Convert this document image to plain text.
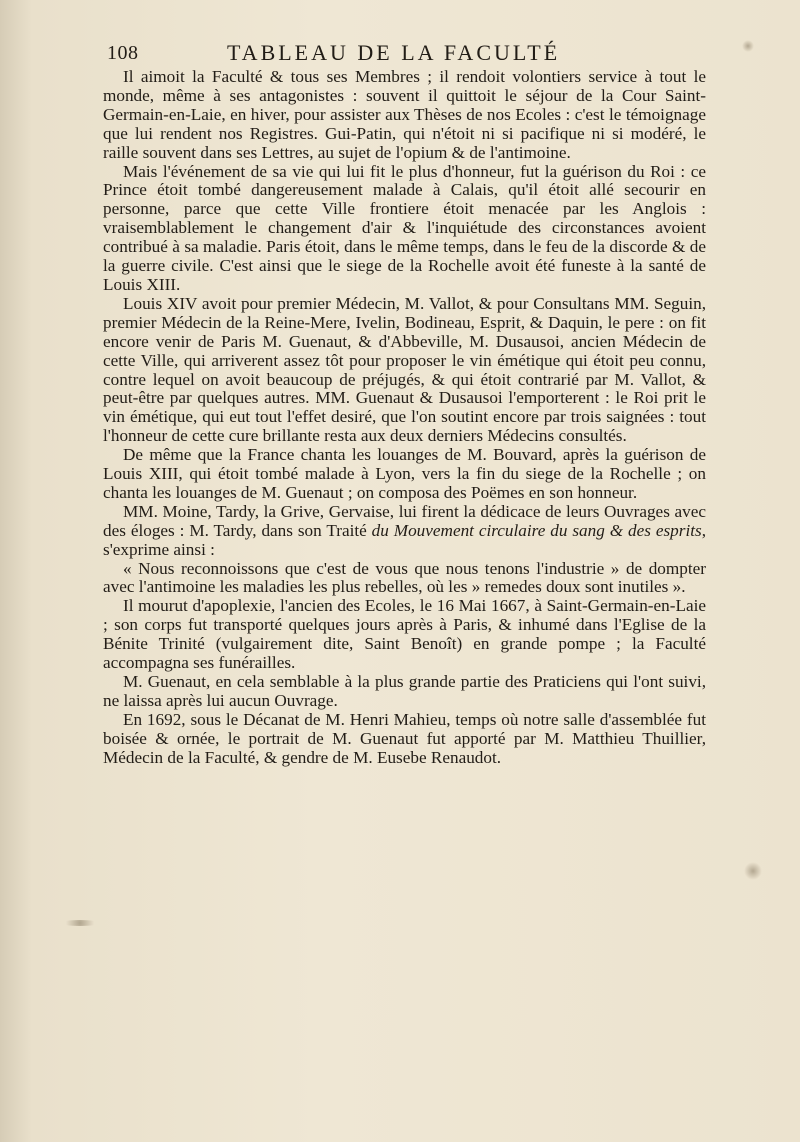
108	TABLEAU DE LA FACULTÉ

Il aimoit la Faculté & tous ses Membres ; il rendoit volontiers service à tout le monde, même à ses antagonistes : souvent il quittoit le séjour de la Cour Saint-Germain-en-Laie, en hiver, pour assister aux Thèses de nos Ecoles : c'est le témoignage que lui rendent nos Registres. Gui-Patin, qui n'étoit ni si pacifique ni si modéré, le raille souvent dans ses Lettres, au sujet de l'opium & de l'antimoine.

Mais l'événement de sa vie qui lui fit le plus d'honneur, fut la guérison du Roi : ce Prince étoit tombé dangereusement malade à Calais, qu'il étoit allé secourir en personne, parce que cette Ville frontiere étoit menacée par les Anglois : vraisemblablement le changement d'air & l'inquiétude des circonstances avoient contribué à sa maladie. Paris étoit, dans le même temps, dans le feu de la discorde & de la guerre civile. C'est ainsi que le siege de la Rochelle avoit été funeste à la santé de Louis XIII.

Louis XIV avoit pour premier Médecin, M. Vallot, & pour Consultans MM. Seguin, premier Médecin de la Reine-Mere, Ivelin, Bodineau, Esprit, & Daquin, le pere : on fit encore venir de Paris M. Guenaut, & d'Abbeville, M. Dusausoi, ancien Médecin de cette Ville, qui arriverent assez tôt pour proposer le vin émétique qui étoit peu connu, contre lequel on avoit beaucoup de préjugés, & qui étoit contrarié par M. Vallot, & peut-être par quelques autres. MM. Guenaut & Dusausoi l'emporterent : le Roi prit le vin émétique, qui eut tout l'effet desiré, que l'on soutint encore par trois saignées : tout l'honneur de cette cure brillante resta aux deux derniers Médecins consultés.

De même que la France chanta les louanges de M. Bouvard, après la guérison de Louis XIII, qui étoit tombé malade à Lyon, vers la fin du siege de la Rochelle ; on chanta les louanges de M. Guenaut ; on composa des Poëmes en son honneur.

MM. Moine, Tardy, la Grive, Gervaise, lui firent la dédicace de leurs Ouvrages avec des éloges : M. Tardy, dans son Traité du Mouvement circulaire du sang & des esprits, s'exprime ainsi :

« Nous reconnoissons que c'est de vous que nous tenons l'industrie » de dompter avec l'antimoine les maladies les plus rebelles, où les » remedes doux sont inutiles ».

Il mourut d'apoplexie, l'ancien des Ecoles, le 16 Mai 1667, à Saint-Germain-en-Laie ; son corps fut transporté quelques jours après à Paris, & inhumé dans l'Eglise de la Bénite Trinité (vulgairement dite, Saint Benoît) en grande pompe ; la Faculté accompagna ses funérailles.

M. Guenaut, en cela semblable à la plus grande partie des Praticiens qui l'ont suivi, ne laissa après lui aucun Ouvrage.

En 1692, sous le Décanat de M. Henri Mahieu, temps où notre salle d'assemblée fut boisée & ornée, le portrait de M. Guenaut fut apporté par M. Matthieu Thuillier, Médecin de la Faculté, & gendre de M. Eusebe Renaudot.
